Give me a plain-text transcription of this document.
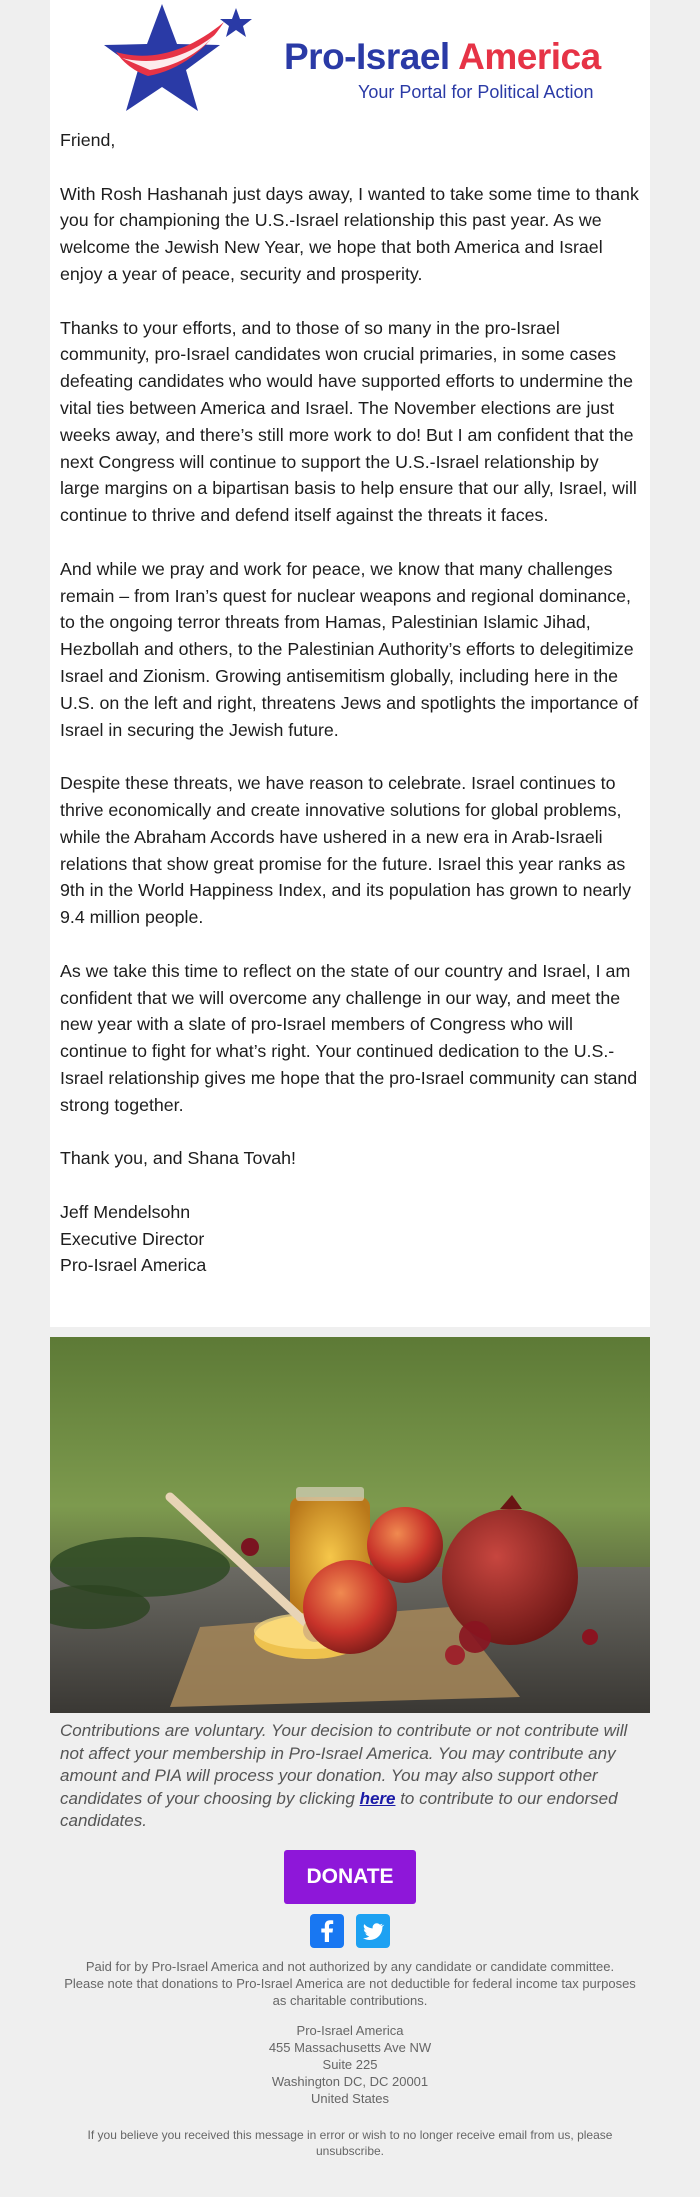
Pro-Israel America
Your Portal for Political Action

Friend,

With Rosh Hashanah just days away, I wanted to take some time to thank you for championing the U.S.-Israel relationship this past year. As we welcome the Jewish New Year, we hope that both America and Israel enjoy a year of peace, security and prosperity.

Thanks to your efforts, and to those of so many in the pro-Israel community, pro-Israel candidates won crucial primaries, in some cases defeating candidates who would have supported efforts to undermine the vital ties between America and Israel. The November elections are just weeks away, and there’s still more work to do! But I am confident that the next Congress will continue to support the U.S.-Israel relationship by large margins on a bipartisan basis to help ensure that our ally, Israel, will continue to thrive and defend itself against the threats it faces.

And while we pray and work for peace, we know that many challenges remain – from Iran’s quest for nuclear weapons and regional dominance, to the ongoing terror threats from Hamas, Palestinian Islamic Jihad, Hezbollah and others, to the Palestinian Authority’s efforts to delegitimize Israel and Zionism. Growing antisemitism globally, including here in the U.S. on the left and right, threatens Jews and spotlights the importance of Israel in securing the Jewish future.

Despite these threats, we have reason to celebrate. Israel continues to thrive economically and create innovative solutions for global problems, while the Abraham Accords have ushered in a new era in Arab-Israeli relations that show great promise for the future. Israel this year ranks as 9th in the World Happiness Index, and its population has grown to nearly 9.4 million people.

As we take this time to reflect on the state of our country and Israel, I am confident that we will overcome any challenge in our way, and meet the new year with a slate of pro-Israel members of Congress who will continue to fight for what’s right. Your continued dedication to the U.S.-Israel relationship gives me hope that the pro-Israel community can stand strong together.

Thank you, and Shana Tovah!

Jeff Mendelsohn

Executive Director

Pro-Israel America

Contributions are voluntary. Your decision to contribute or not contribute will not affect your membership in Pro-Israel America. You may contribute any amount and PIA will process your donation. You may also support other candidates of your choosing by clicking here to contribute to our endorsed candidates.

DONATE
Paid for by Pro-Israel America and not authorized by any candidate or candidate committee.
Please note that donations to Pro-Israel America are not deductible for federal income tax purposes as charitable contributions.
Pro-Israel America
455 Massachusetts Ave NW
Suite 225
Washington DC, DC 20001
United States
If you believe you received this message in error or wish to no longer receive email from us, please unsubscribe.
